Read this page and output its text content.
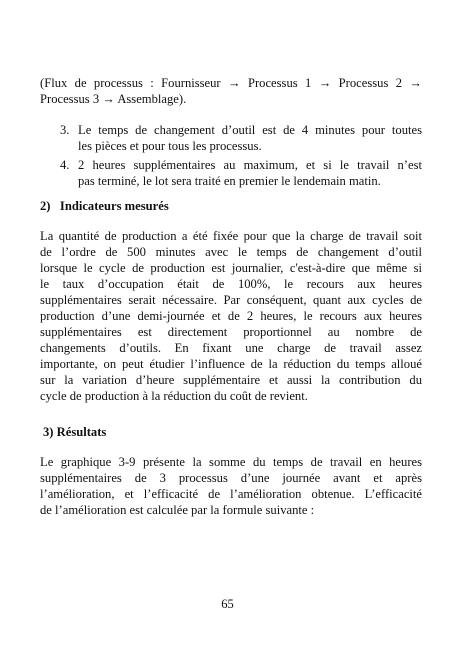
(Flux de processus : Fournisseur → Processus 1 → Processus 2 →
Processus 3 → Assemblage).
3. Le temps de changement d’outil est de 4 minutes pour toutes
les pièces et pour tous les processus.
4. 2 heures supplémentaires au maximum, et si le travail n’est
pas terminé, le lot sera traité en premier le lendemain matin.
2)   Indicateurs mesurés
La quantité de production a été fixée pour que la charge de travail soit
de l’ordre de 500 minutes avec le temps de changement d’outil
lorsque le cycle de production est journalier, c'est-à-dire que même si
le taux d’occupation était de 100%, le recours aux heures
supplémentaires serait nécessaire. Par conséquent, quant aux cycles de
production d’une demi-journée et de 2 heures, le recours aux heures
supplémentaires est directement proportionnel au nombre de
changements d’outils. En fixant une charge de travail assez
importante, on peut étudier l’influence de la réduction du temps alloué
sur la variation d’heure supplémentaire et aussi la contribution du
cycle de production à la réduction du coût de revient.
3) Résultats
Le graphique 3-9 présente la somme du temps de travail en heures
supplémentaires de 3 processus d’une journée avant et après
l’amélioration, et l’efficacité de l’amélioration obtenue. L’efficacité
de l’amélioration est calculée par la formule suivante :
65
